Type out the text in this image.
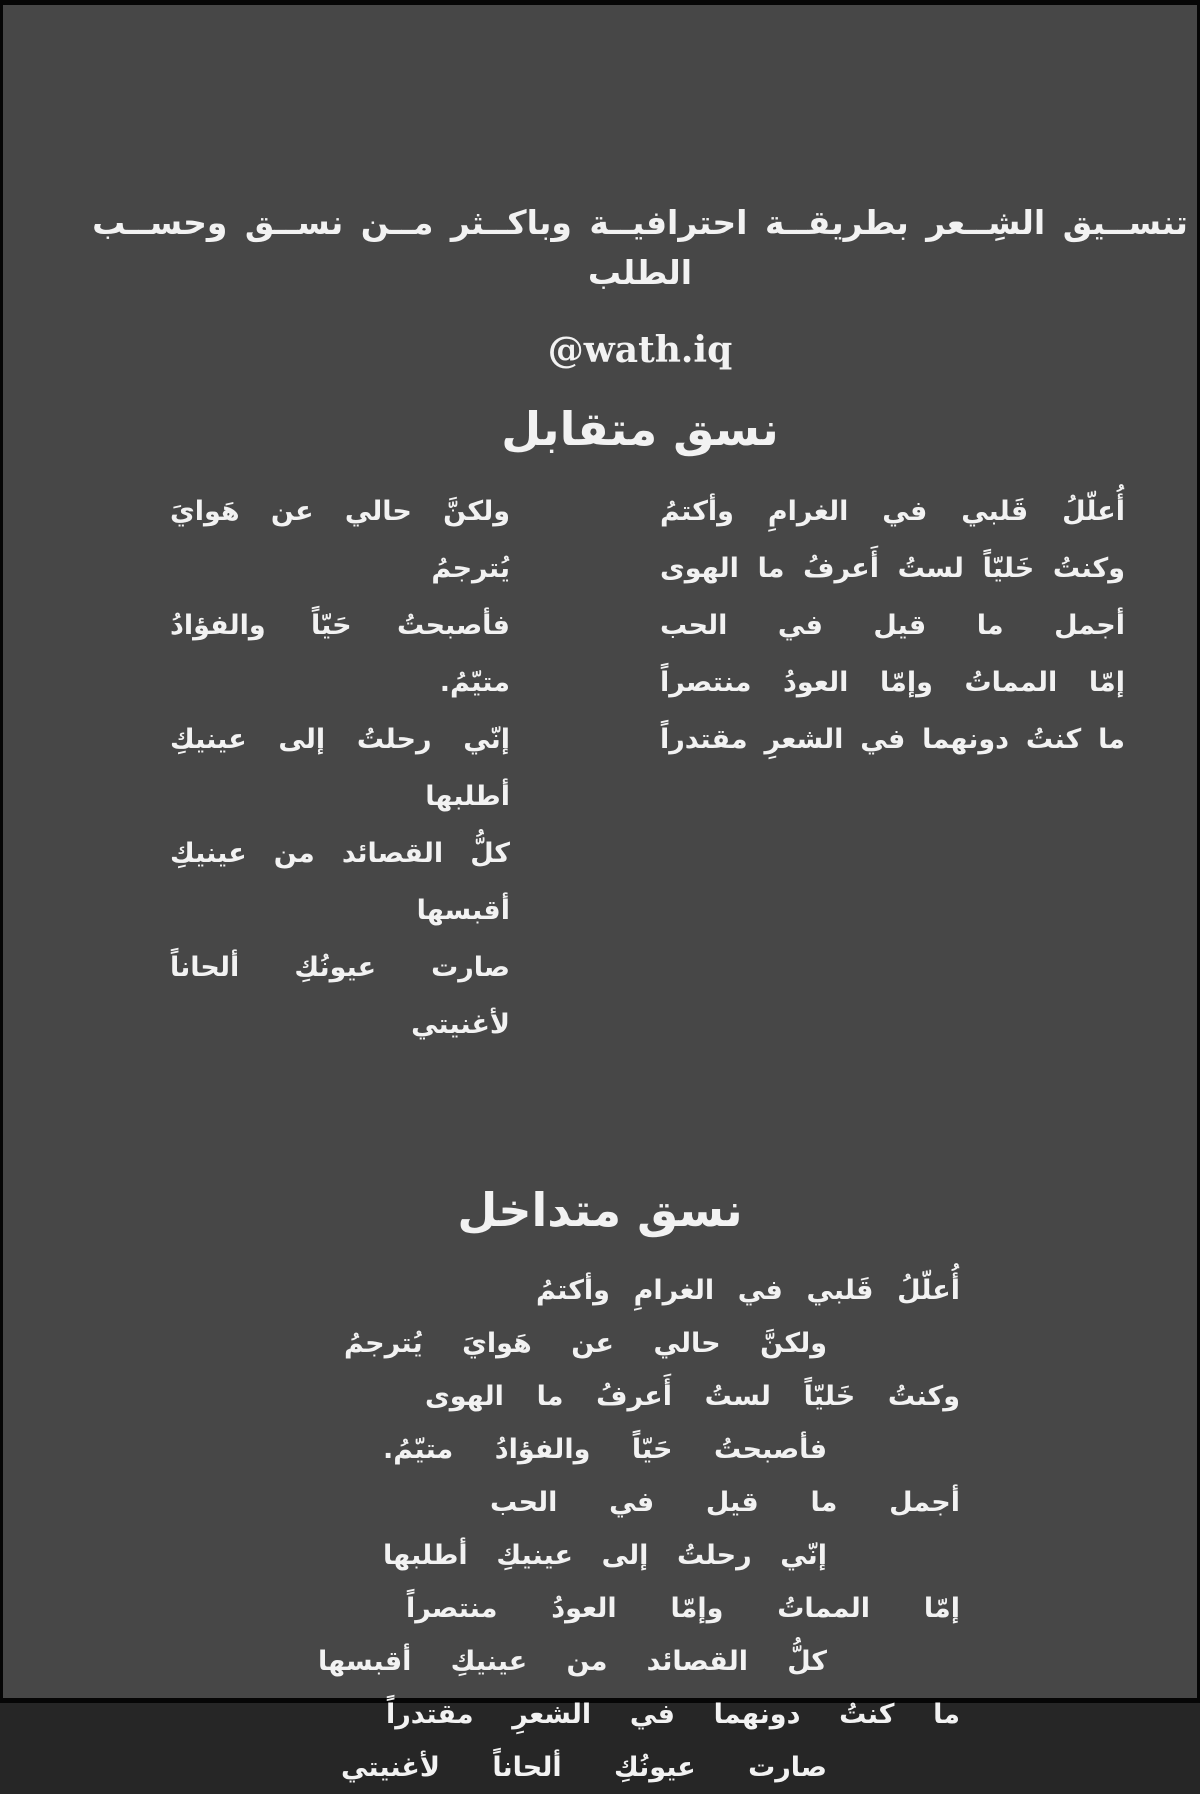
تنســيق الشِــعر بطريقــة احترافيــة وباكــثر مــن نســق وحســب الطلب
@wath.iq
نسق متقابل
أُعلّلُ قَلبي في الغرامِ وأكتمُ
وكنتُ خَليّاً لستُ أَعرفُ ما الهوى
أجمل ما قيل في الحب
إمّا المماتُ وإمّا العودُ منتصراً
ما كنتُ دونهما في الشعرِ مقتدراً
ولكنَّ حالي عن هَوايَ يُترجمُ
فأصبحتُ حَيّاً والفؤادُ متيّمُ.
إنّي رحلتُ إلى عينيكِ أطلبها
كلُّ القصائد من عينيكِ أقبسها
صارت عيونُكِ ألحاناً لأغنيتي
نسق متداخل
أُعلّلُ قَلبي في الغرامِ وأكتمُ
ولكنَّ حالي عن هَوايَ يُترجمُ
وكنتُ خَليّاً لستُ أَعرفُ ما الهوى
فأصبحتُ حَيّاً والفؤادُ متيّمُ.
أجمل ما قيل في الحب
إنّي رحلتُ إلى عينيكِ أطلبها
إمّا المماتُ وإمّا العودُ منتصراً
كلُّ القصائد من عينيكِ أقبسها
ما كنتُ دونهما في الشعرِ مقتدراً
صارت عيونُكِ ألحاناً لأغنيتي
